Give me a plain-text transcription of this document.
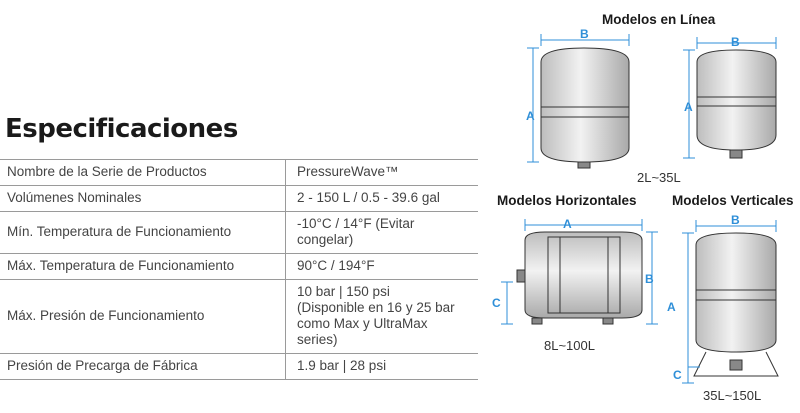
Especificaciones
Nombre de la Serie de Productos	PressureWave™

Volúmenes Nominales	2 - 150 L / 0.5 - 39.6 gal

Mín. Temperatura de Funcionamiento	-10°C / 14°F (Evitar congelar)

Máx. Temperatura de Funcionamiento	90°C / 194°F

Máx. Presión de Funcionamiento	10 bar | 150 psi
(Disponible en 16 y 25 bar
como Max y UltraMax
series)

Presión de Precarga de Fábrica	1.9 bar | 28 psi
Modelos en Línea
2L~35L
Modelos Horizontales
8L~100L
Modelos Verticales
35L~150L
B
A
B
A
A
B
C
B
A
C
